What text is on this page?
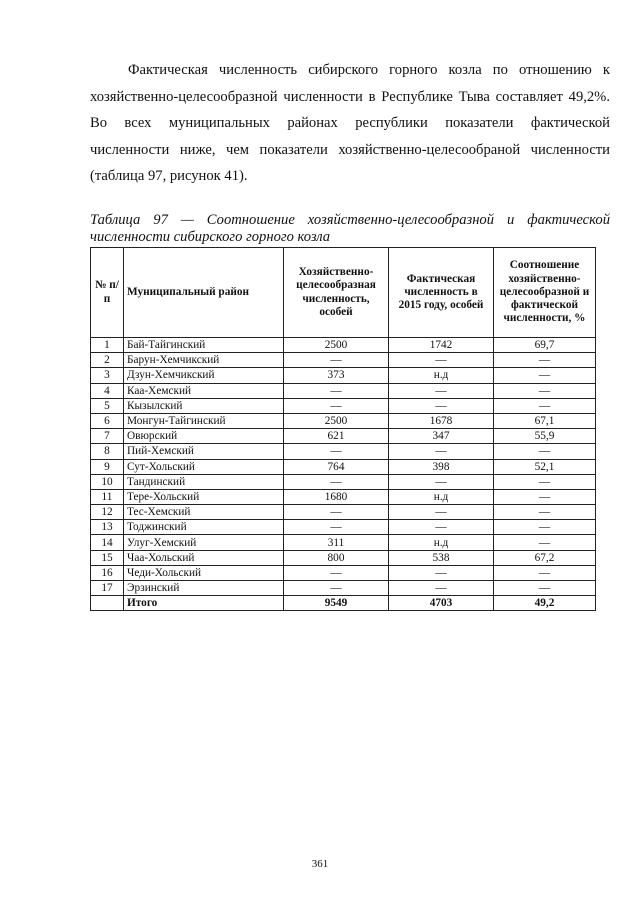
Фактическая численность сибирского горного козла по отношению к хозяйственно-целесообразной численности в Республике Тыва составляет 49,2%. Во всех муниципальных районах республики показатели фактической численности ниже, чем показатели хозяйственно-целесообраной численности (таблица 97, рисунок 41).

Таблица 97 — Соотношение хозяйственно-целесообразной и фактической численности сибирского горного козла

№ п/п	Муниципальный район	Хозяйственно-целесообразная численность, особей	Фактическая численность в 2015 году, особей	Соотношение хозяйственно-целесообразной и фактической численности, %
1	Бай-Тайгинский	2500	1742	69,7
2	Барун-Хемчикский	—	—	—
3	Дзун-Хемчикский	373	н.д	—
4	Каа-Хемский	—	—	—
5	Кызылский	—	—	—
6	Монгун-Тайгинский	2500	1678	67,1
7	Овюрский	621	347	55,9
8	Пий-Хемский	—	—	—
9	Сут-Хольский	764	398	52,1
10	Тандинский	—	—	—
11	Тере-Хольский	1680	н.д	—
12	Тес-Хемский	—	—	—
13	Тоджинский	—	—	—
14	Улуг-Хемский	311	н.д	—
15	Чаа-Хольский	800	538	67,2
16	Чеди-Хольский	—	—	—
17	Эрзинский	—	—	—
	Итого	9549	4703	49,2
361
